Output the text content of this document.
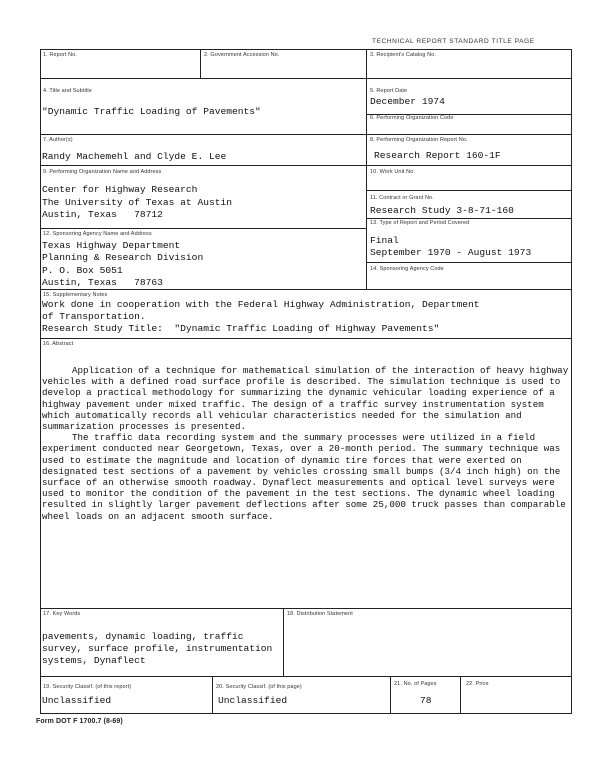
TECHNICAL REPORT STANDARD TITLE PAGE
1. Report No.	2. Government Accession No.	3. Recipient's Catalog No.
4. Title and Subtitle
"Dynamic Traffic Loading of Pavements"
5. Report Date
December 1974
6. Performing Organization Code
7. Author(s)
Randy Machemehl and Clyde E. Lee
8. Performing Organization Report No.
Research Report 160-1F
9. Performing Organization Name and Address
Center for Highway Research
The University of Texas at Austin
Austin, Texas   78712
10. Work Unit No.
11. Contract or Grant No.
Research Study 3-8-71-160
13. Type of Report and Period Covered
Final
September 1970 - August 1973
12. Sponsoring Agency Name and Address
Texas Highway Department
Planning & Research Division
P. O. Box 5051
Austin, Texas   78763
14. Sponsoring Agency Code
15. Supplementary Notes
Work done in cooperation with the Federal Highway Administration, Department
of Transportation.
Research Study Title:  "Dynamic Traffic Loading of Highway Pavements"
16. Abstract

Application of a technique for mathematical simulation of the interaction of heavy highway vehicles with a defined road surface profile is described. The simulation technique is used to develop a practical methodology for summarizing the dynamic vehicular loading experience of a highway pavement under mixed traffic. The design of a traffic survey instrumentation system which automatically records all vehicular characteristics needed for the simulation and summarization processes is presented.

The traffic data recording system and the summary processes were utilized in a field experiment conducted near Georgetown, Texas, over a 20-month period. The summary technique was used to estimate the magnitude and location of dynamic tire forces that were exerted on designated test sections of a pavement by vehicles crossing small bumps (3/4 inch high) on the surface of an otherwise smooth roadway. Dynaflect measurements and optical level surveys were used to monitor the condition of the pavement in the test sections. The dynamic wheel loading resulted in slightly larger pavement deflections after some 25,000 truck passes than comparable wheel loads on an adjacent smooth surface.

17. Key Words
pavements, dynamic loading, traffic
survey, surface profile, instrumentation
systems, Dynaflect
18. Distribution Statement
19. Security Classif. (of this report)
Unclassified
20. Security Classif. (of this page)
Unclassified
21. No. of Pages
78
22. Price
Form DOT F 1700.7 (8-69)
